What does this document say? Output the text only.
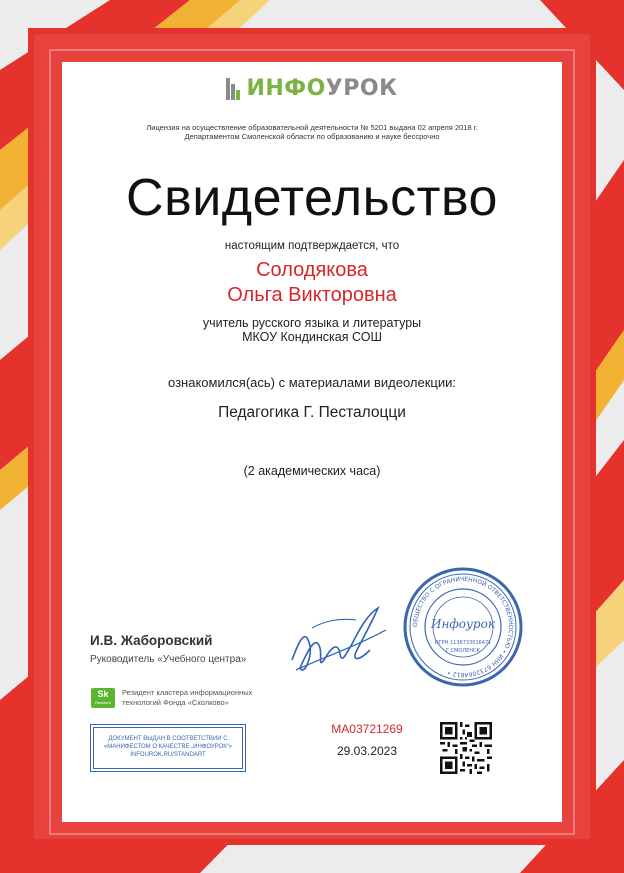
ИНФОУРОК
Лицензия на осуществление образовательной деятельности № 5201 выдана 02 апреля 2018 г.
Департаментом Смоленской области по образованию и науке бессрочно
Свидетельство
настоящим подтверждается, что
Солодякова
Ольга Викторовна
учитель русского языка и литературы
МКОУ Кондинская СОШ
ознакомился(ась) с материалами видеолекции:
Педагогика Г. Песталоцци
(2 академических часа)
И.В. Жаборовский
Руководитель «Учебного центра»
Sk
Resident
Резидент кластера информационных
технологий Фонда «Сколково»
ДОКУМЕНТ ВЫДАН В СООТВЕТСТВИИ С
«МАНИФЕСТОМ О КАЧЕСТВЕ „ИНФОУРОК“»
INFOUROK.RU/STANDART
ОБЩЕСТВО С ОГРАНИЧЕННОЙ ОТВЕТСТВЕННОСТЬЮ • ИНН 6732064812 •
Инфоурок
ОГРН 1136733016471
Г.СМОЛЕНСК
МА03721269
29.03.2023
